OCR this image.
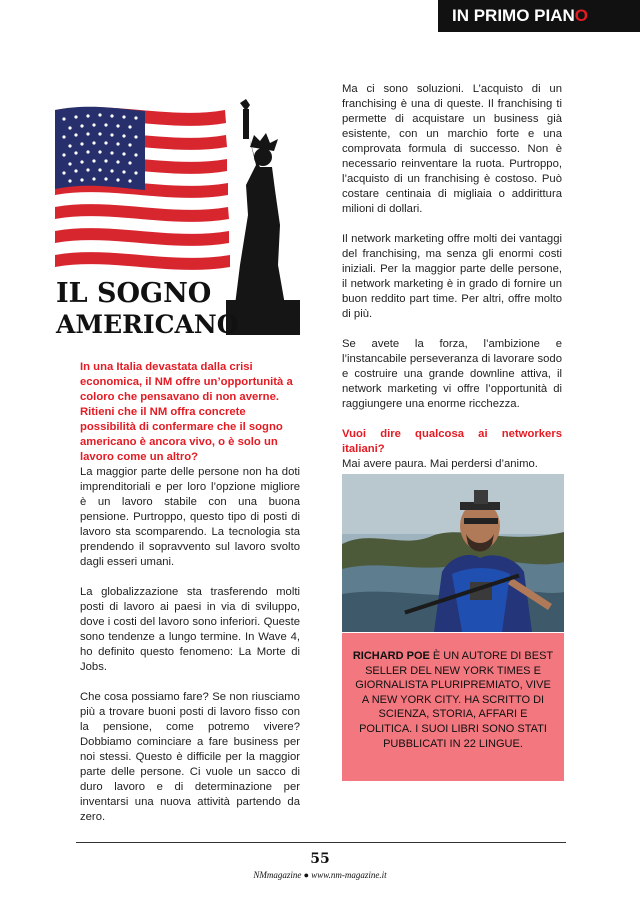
IN PRIMO PIAN O
IL SOGNO
AMERICANO

In una Italia devastata dalla crisi economica, il NM offre un’opportunità a coloro che pensavano di non averne. Ritieni che il NM offra concrete possibilità di confermare che il sogno americano è ancora vivo, o è solo un lavoro come un altro?

La maggior parte delle persone non ha doti imprenditoriali e per loro l’opzione migliore è un lavoro stabile con una buona pensione. Purtroppo, questo tipo di posti di lavoro sta scomparendo. La tecnologia sta prendendo il sopravvento sul lavoro svolto dagli esseri umani.

La globalizzazione sta trasferendo molti posti di lavoro ai paesi in via di sviluppo, dove i costi del lavoro sono inferiori. Queste sono tendenze a lungo termine. In Wave 4, ho definito questo fenomeno: La Morte di Jobs.

Che cosa possiamo fare? Se non riusciamo più a trovare buoni posti di lavoro fisso con la pensione, come potremo vivere? Dobbiamo cominciare a fare business per noi stessi. Questo è difficile per la maggior parte delle persone. Ci vuole un sacco di duro lavoro e di determinazione per inventarsi una nuova attività partendo da zero.

Ma ci sono soluzioni. L’acquisto di un franchising è una di queste. Il franchising ti permette di acquistare un business già esistente, con un marchio forte e una comprovata formula di successo. Non è necessario reinventare la ruota. Purtroppo, l’acquisto di un franchising è costoso. Può costare centinaia di migliaia o addirittura milioni di dollari.

Il network marketing offre molti dei vantaggi del franchising, ma senza gli enormi costi iniziali. Per la maggior parte delle persone, il network marketing è in grado di fornire un buon reddito part time. Per altri, offre molto di più.

Se avete la forza, l’ambizione e l’instancabile perseveranza di lavorare sodo e costruire una grande downline attiva, il network marketing vi offre l’opportunità di raggiungere una enorme ricchezza.

Vuoi dire qualcosa ai networkers italiani?

Mai avere paura. Mai perdersi d’animo.

RICHARD POE È UN AUTORE DI BEST SELLER DEL NEW YORK TIMES E GIORNALISTA PLURIPREMIATO, VIVE A NEW YORK CITY. HA SCRITTO DI SCIENZA, STORIA, AFFARI E POLITICA. I SUOI LIBRI SONO STATI PUBBLICATI IN 22 LINGUE.
55
NMmagazine ● www.nm-magazine.it
